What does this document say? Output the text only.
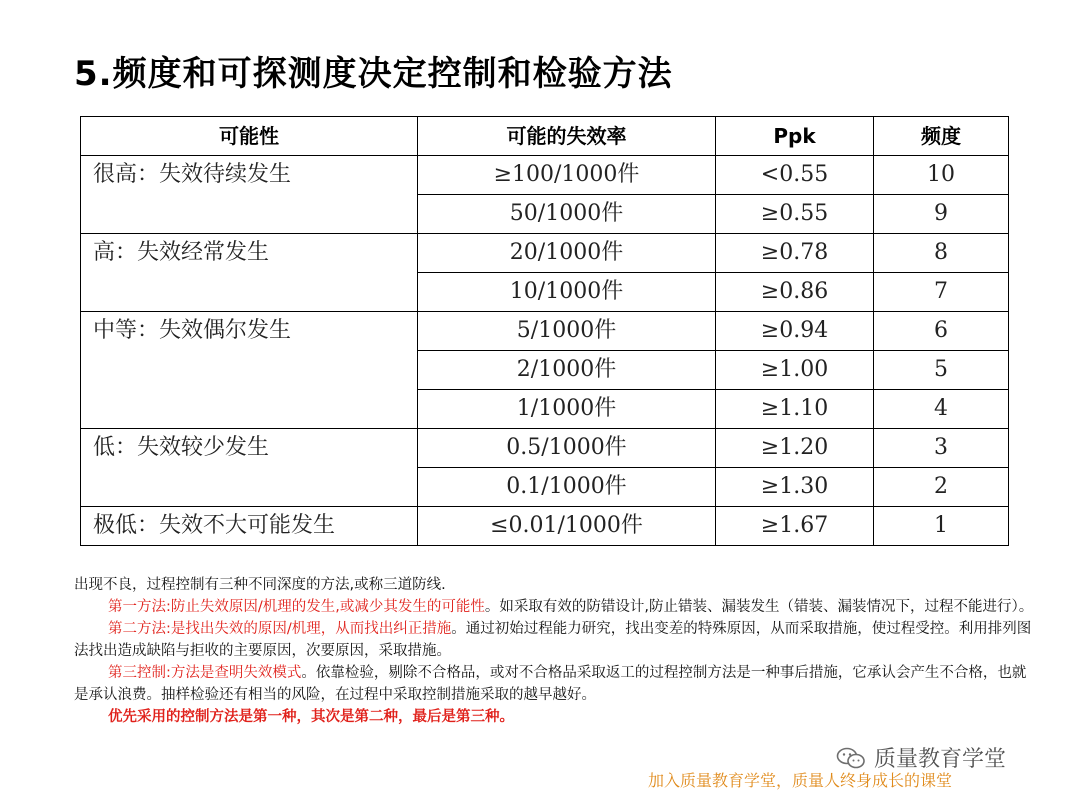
5.频度和可探测度决定控制和检验方法
可能性	可能的失效率	Ppk	频度
很高：失效待续发生	≥100/1000件	<0.55	10
	50/1000件	≥0.55	9
高：失效经常发生	20/1000件	≥0.78	8
	10/1000件	≥0.86	7
中等：失效偶尔发生	5/1000件	≥0.94	6
	2/1000件	≥1.00	5
	1/1000件	≥1.10	4
低：失效较少发生	0.5/1000件	≥1.20	3
	0.1/1000件	≥1.30	2
极低：失效不大可能发生	≤0.01/1000件	≥1.67	1

出现不良，过程控制有三种不同深度的方法,或称三道防线.

第一方法:防止失效原因/机理的发生,或减少其发生的可能性。如采取有效的防错设计,防止错装、漏装发生（错装、漏装情况下，过程不能进行）。

第二方法:是找出失效的原因/机理，从而找出纠正措施。通过初始过程能力研究，找出变差的特殊原因，从而采取措施，使过程受控。利用排列图法找出造成缺陷与拒收的主要原因，次要原因，采取措施。

第三控制:方法是查明失效模式。依靠检验，剔除不合格品，或对不合格品采取返工的过程控制方法是一种事后措施，它承认会产生不合格，也就是承认浪费。抽样检验还有相当的风险，在过程中采取控制措施采取的越早越好。

优先采用的控制方法是第一种，其次是第二种，最后是第三种。

质量教育学堂
加入质量教育学堂，质量人终身成长的课堂
